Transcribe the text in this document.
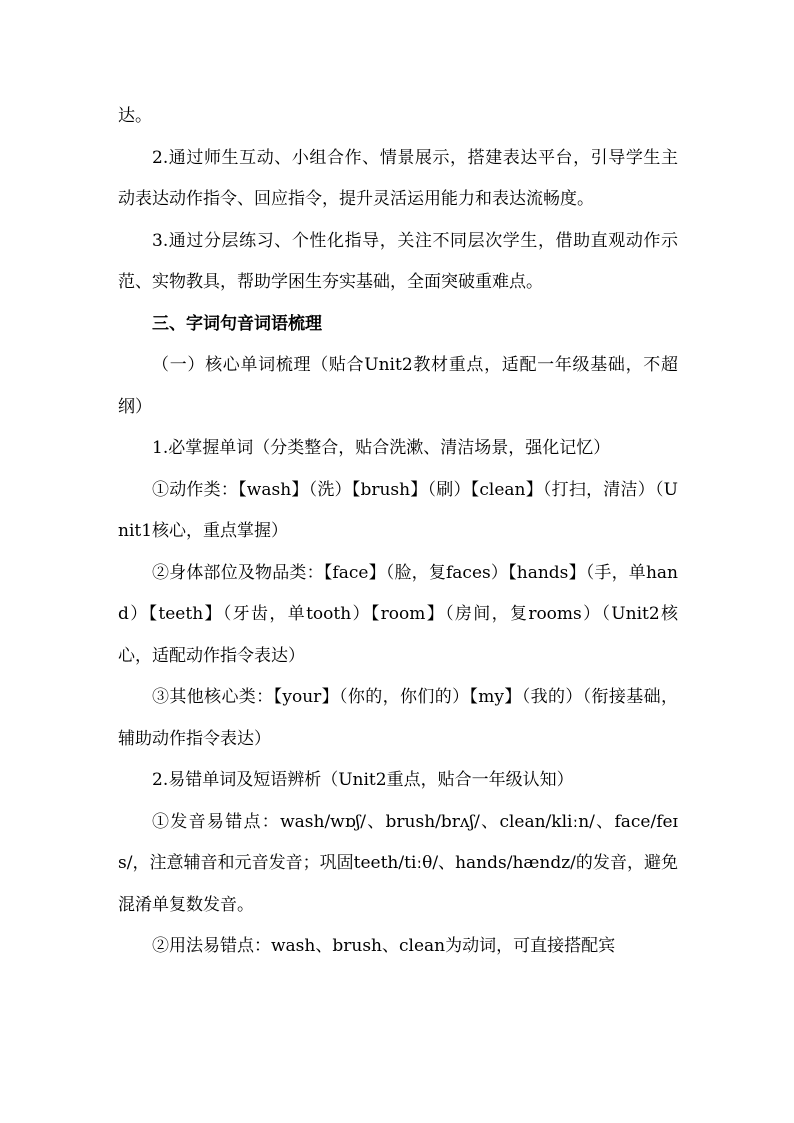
达。

2.通过师生互动、小组合作、情景展示，搭建表达平台，引导学生主动表达动作指令、回应指令，提升灵活运用能力和表达流畅度。

3.通过分层练习、个性化指导，关注不同层次学生，借助直观动作示范、实物教具，帮助学困生夯实基础，全面突破重难点。

三、字词句音词语梳理

（一）核心单词梳理（贴合Unit2教材重点，适配一年级基础，不超纲）

1.必掌握单词（分类整合，贴合洗漱、清洁场景，强化记忆）

①动作类：【wash】（洗）【brush】（刷）【clean】（打扫，清洁）（Unit1核心，重点掌握）

②身体部位及物品类：【face】（脸，复faces）【hands】（手，单hand）【teeth】（牙齿，单tooth）【room】（房间，复rooms）（Unit2核心，适配动作指令表达）

③其他核心类：【your】（你的，你们的）【my】（我的）（衔接基础，辅助动作指令表达）

2.易错单词及短语辨析（Unit2重点，贴合一年级认知）

①发音易错点：wash/wɒʃ/、brush/brʌʃ/、clean/kliːn/、face/feɪs/，注意辅音和元音发音；巩固teeth/tiːθ/、hands/hændz/的发音，避免混淆单复数发音。

②用法易错点：wash、brush、clean为动词，可直接搭配宾
